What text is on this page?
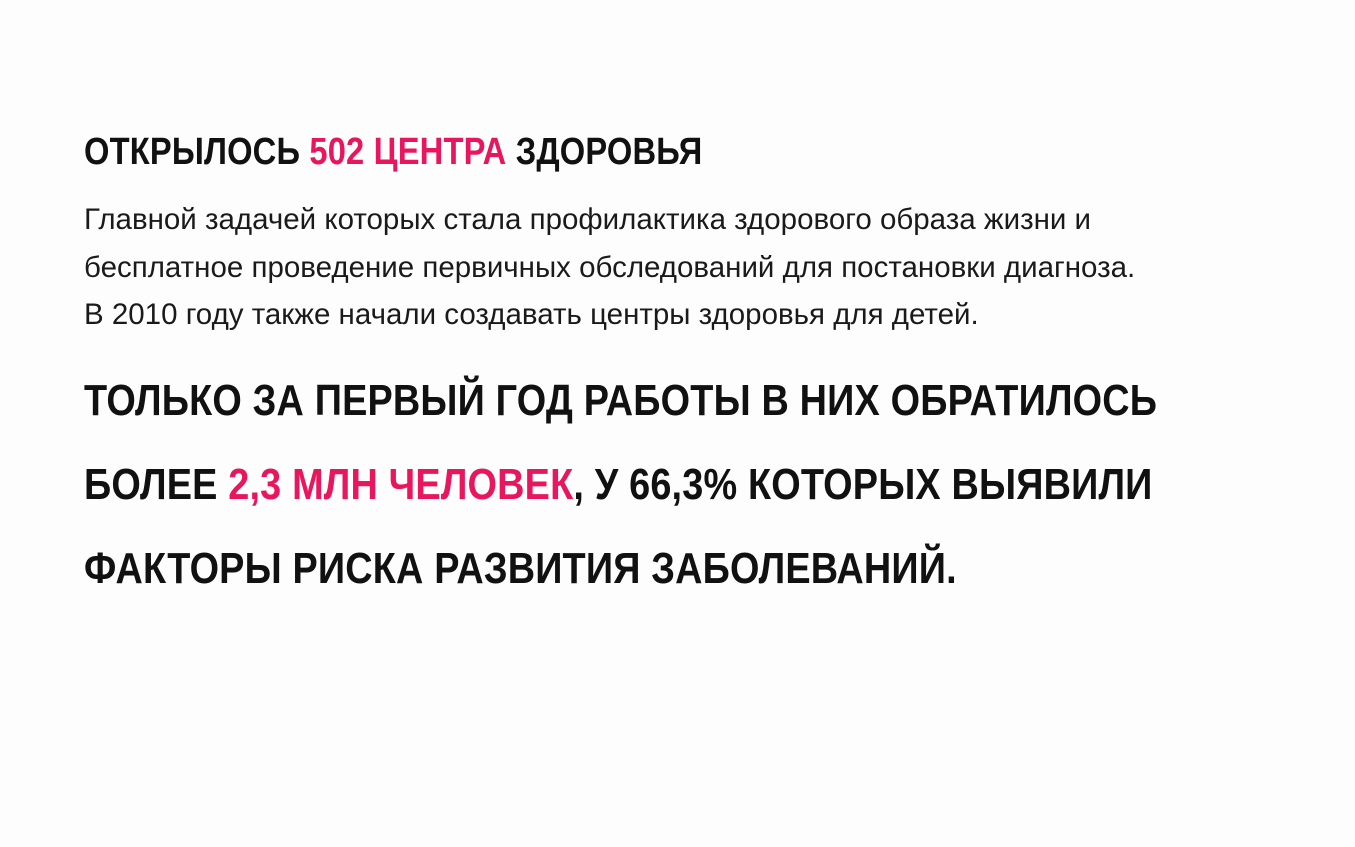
ОТКРЫЛОСЬ 502 ЦЕНТРА ЗДОРОВЬЯ

Главной задачей которых стала профилактика здорового образа жизни и бесплатное проведение первичных обследований для постановки диагноза. В 2010 году также начали создавать центры здоровья для детей.

ТОЛЬКО ЗА ПЕРВЫЙ ГОД РАБОТЫ В НИХ ОБРАТИЛОСЬ
БОЛЕЕ 2,3 МЛН ЧЕЛОВЕК, У 66,3% КОТОРЫХ ВЫЯВИЛИ
ФАКТОРЫ РИСКА РАЗВИТИЯ ЗАБОЛЕВАНИЙ.
